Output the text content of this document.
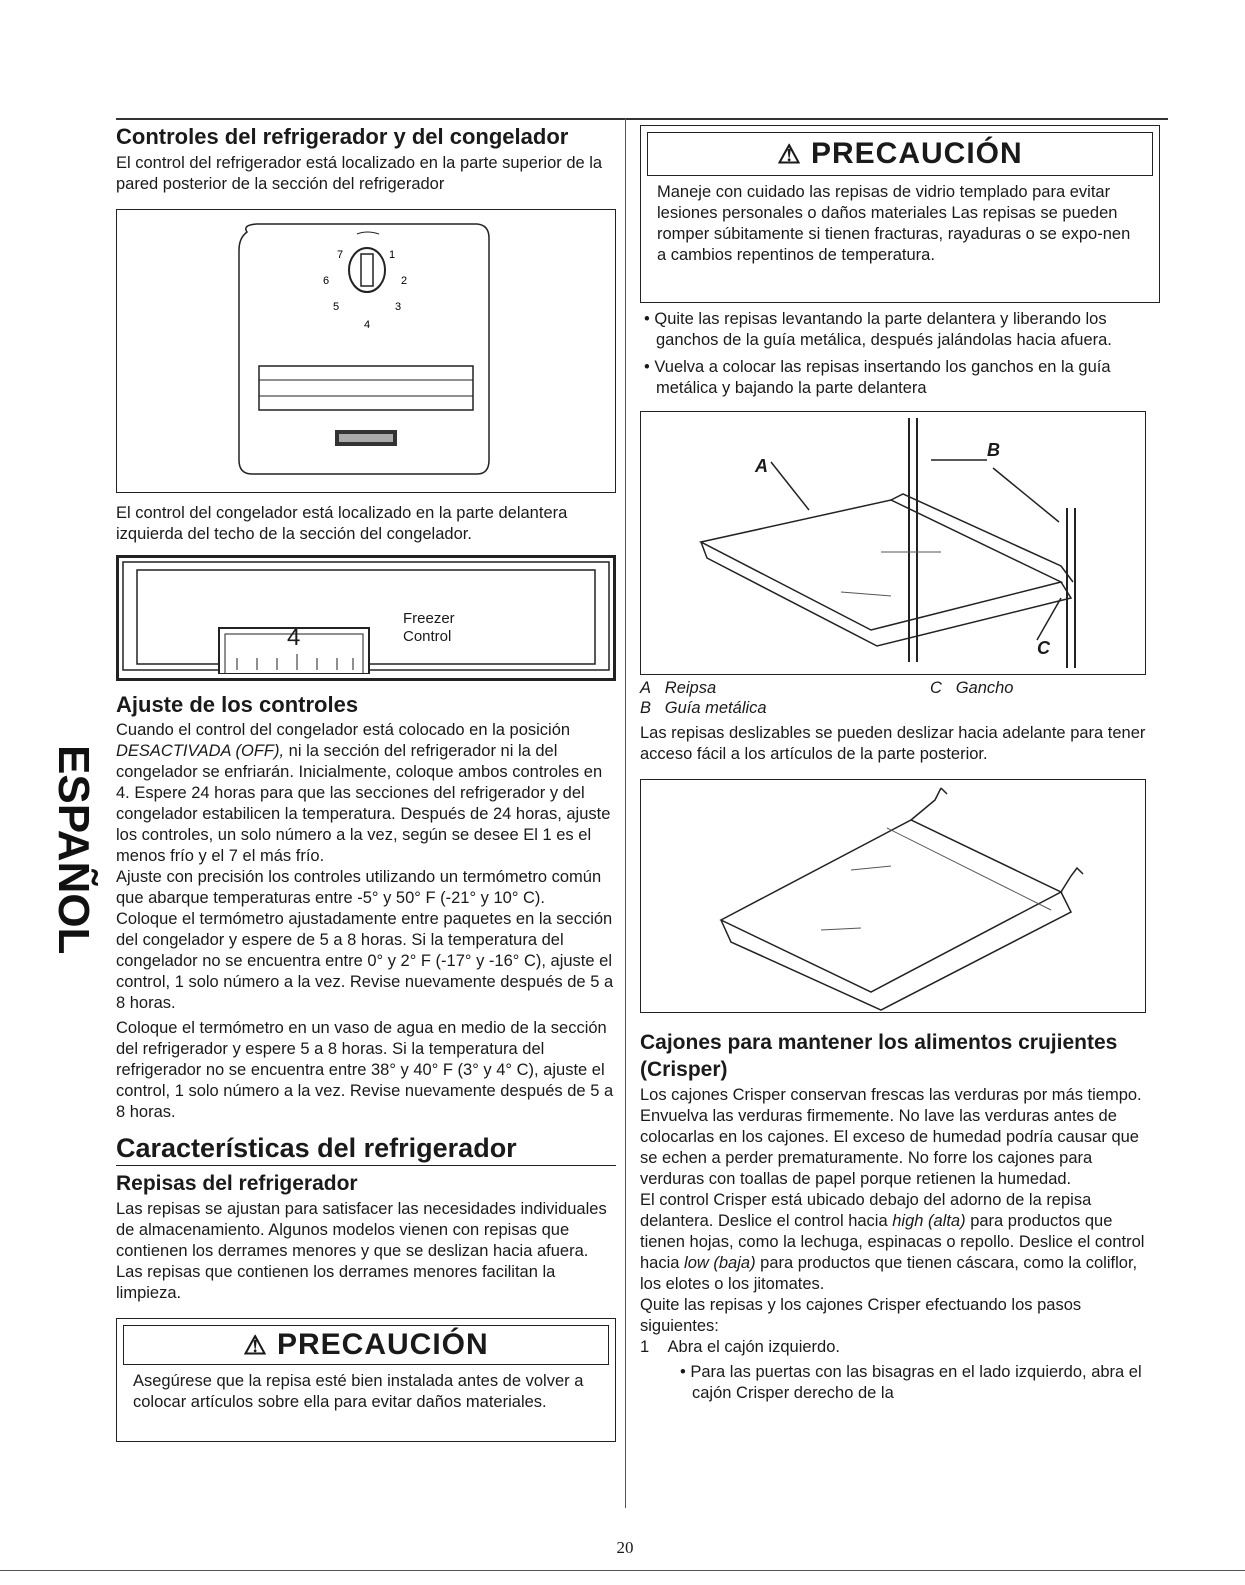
ESPAÑOL
Controles del refrigerador y del congelador

El control del refrigerador está localizado en la parte superior de la pared posterior de la sección del refrigerador

7	1
6	2
5	3
4

El control del congelador está localizado en la parte delantera izquierda del techo de la sección del congelador.

4
Freezer
Control
Ajuste de los controles

Cuando el control del congelador está colocado en la posición DESACTIVADA (OFF), ni la sección del refrigerador ni la del congelador se enfriarán. Inicialmente, coloque ambos controles en 4. Espere 24 horas para que las secciones del refrigerador y del congelador estabilicen la temperatura. Después de 24 horas, ajuste los controles, un solo número a la vez, según se desee El 1 es el menos frío y el 7 el más frío.

Ajuste con precisión los controles utilizando un termómetro común que abarque temperaturas entre -5° y 50° F (-21° y 10° C).

Coloque el termómetro ajustadamente entre paquetes en la sección del congelador y espere de 5 a 8 horas. Si la temperatura del congelador no se encuentra entre 0° y 2° F (-17° y -16° C), ajuste el control, 1 solo número a la vez. Revise nuevamente después de 5 a 8 horas.

Coloque el termómetro en un vaso de agua en medio de la sección del refrigerador y espere 5 a 8 horas. Si la temperatura del refrigerador no se encuentra entre 38° y 40° F (3° y 4° C), ajuste el control, 1 solo número a la vez. Revise nuevamente después de 5 a 8 horas.

Características del refrigerador
Repisas del refrigerador

Las repisas se ajustan para satisfacer las necesidades individuales de almacenamiento. Algunos modelos vienen con repisas que contienen los derrames menores y que se deslizan hacia afuera. Las repisas que contienen los derrames menores facilitan la limpieza.

⚠ PRECAUCIÓN

Asegúrese que la repisa esté bien instalada antes de volver a colocar artículos sobre ella para evitar daños materiales.

⚠ PRECAUCIÓN

Maneje con cuidado las repisas de vidrio templado para evitar lesiones personales o daños materiales Las repisas se pueden romper súbitamente si tienen fracturas, rayaduras o se expo-nen a cambios repentinos de temperatura.

• Quite las repisas levantando la parte delantera y liberando los ganchos de la guía metálica, después jalándolas hacia afuera.

• Vuelva a colocar las repisas insertando los ganchos en la guía metálica y bajando la parte delantera

A
B
C
A Reipsa	C Gancho
B Guía metálica

Las repisas deslizables se pueden deslizar hacia adelante para tener acceso fácil a los artículos de la parte posterior.

Cajones para mantener los alimentos crujientes (Crisper)

Los cajones Crisper conservan frescas las verduras por más tiempo. Envuelva las verduras firmemente. No lave las verduras antes de colocarlas en los cajones. El exceso de humedad podría causar que se echen a perder prematuramente. No forre los cajones para verduras con toallas de papel porque retienen la humedad.

El control Crisper está ubicado debajo del adorno de la repisa delantera. Deslice el control hacia high (alta) para productos que tienen hojas, como la lechuga, espinacas o repollo. Deslice el control hacia low (baja) para productos que tienen cáscara, como la coliflor, los elotes o los jitomates.

Quite las repisas y los cajones Crisper efectuando los pasos siguientes:

1 Abra el cajón izquierdo.

• Para las puertas con las bisagras en el lado izquierdo, abra el cajón Crisper derecho de la

20
